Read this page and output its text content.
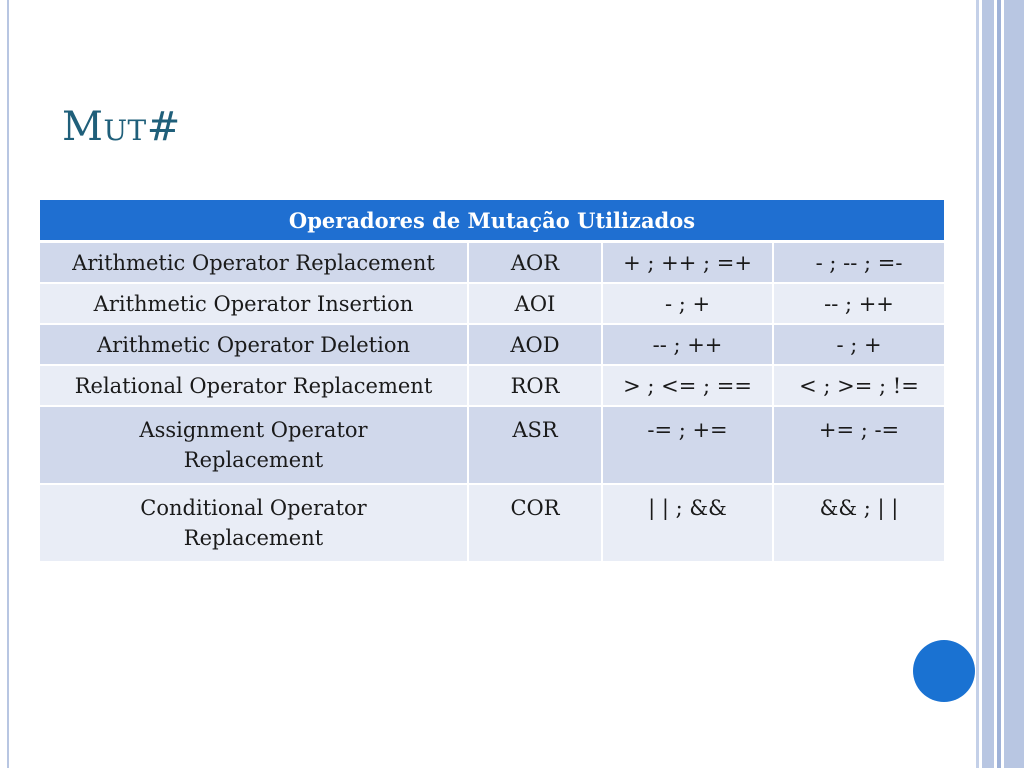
Mut#
Operadores de Mutação Utilizados			
Arithmetic Operator Replacement	AOR	+ ; ++ ; =+	- ; -- ; =-
Arithmetic Operator Insertion	AOI	- ; +	-- ; ++
Arithmetic Operator Deletion	AOD	-- ; ++	- ; +
Relational Operator Replacement	ROR	> ; <= ; ==	< ; >= ; !=
Assignment Operator Replacement	ASR	-= ; +=	+= ; -=
Conditional Operator Replacement	COR	| | ; &&	&& ; | |
